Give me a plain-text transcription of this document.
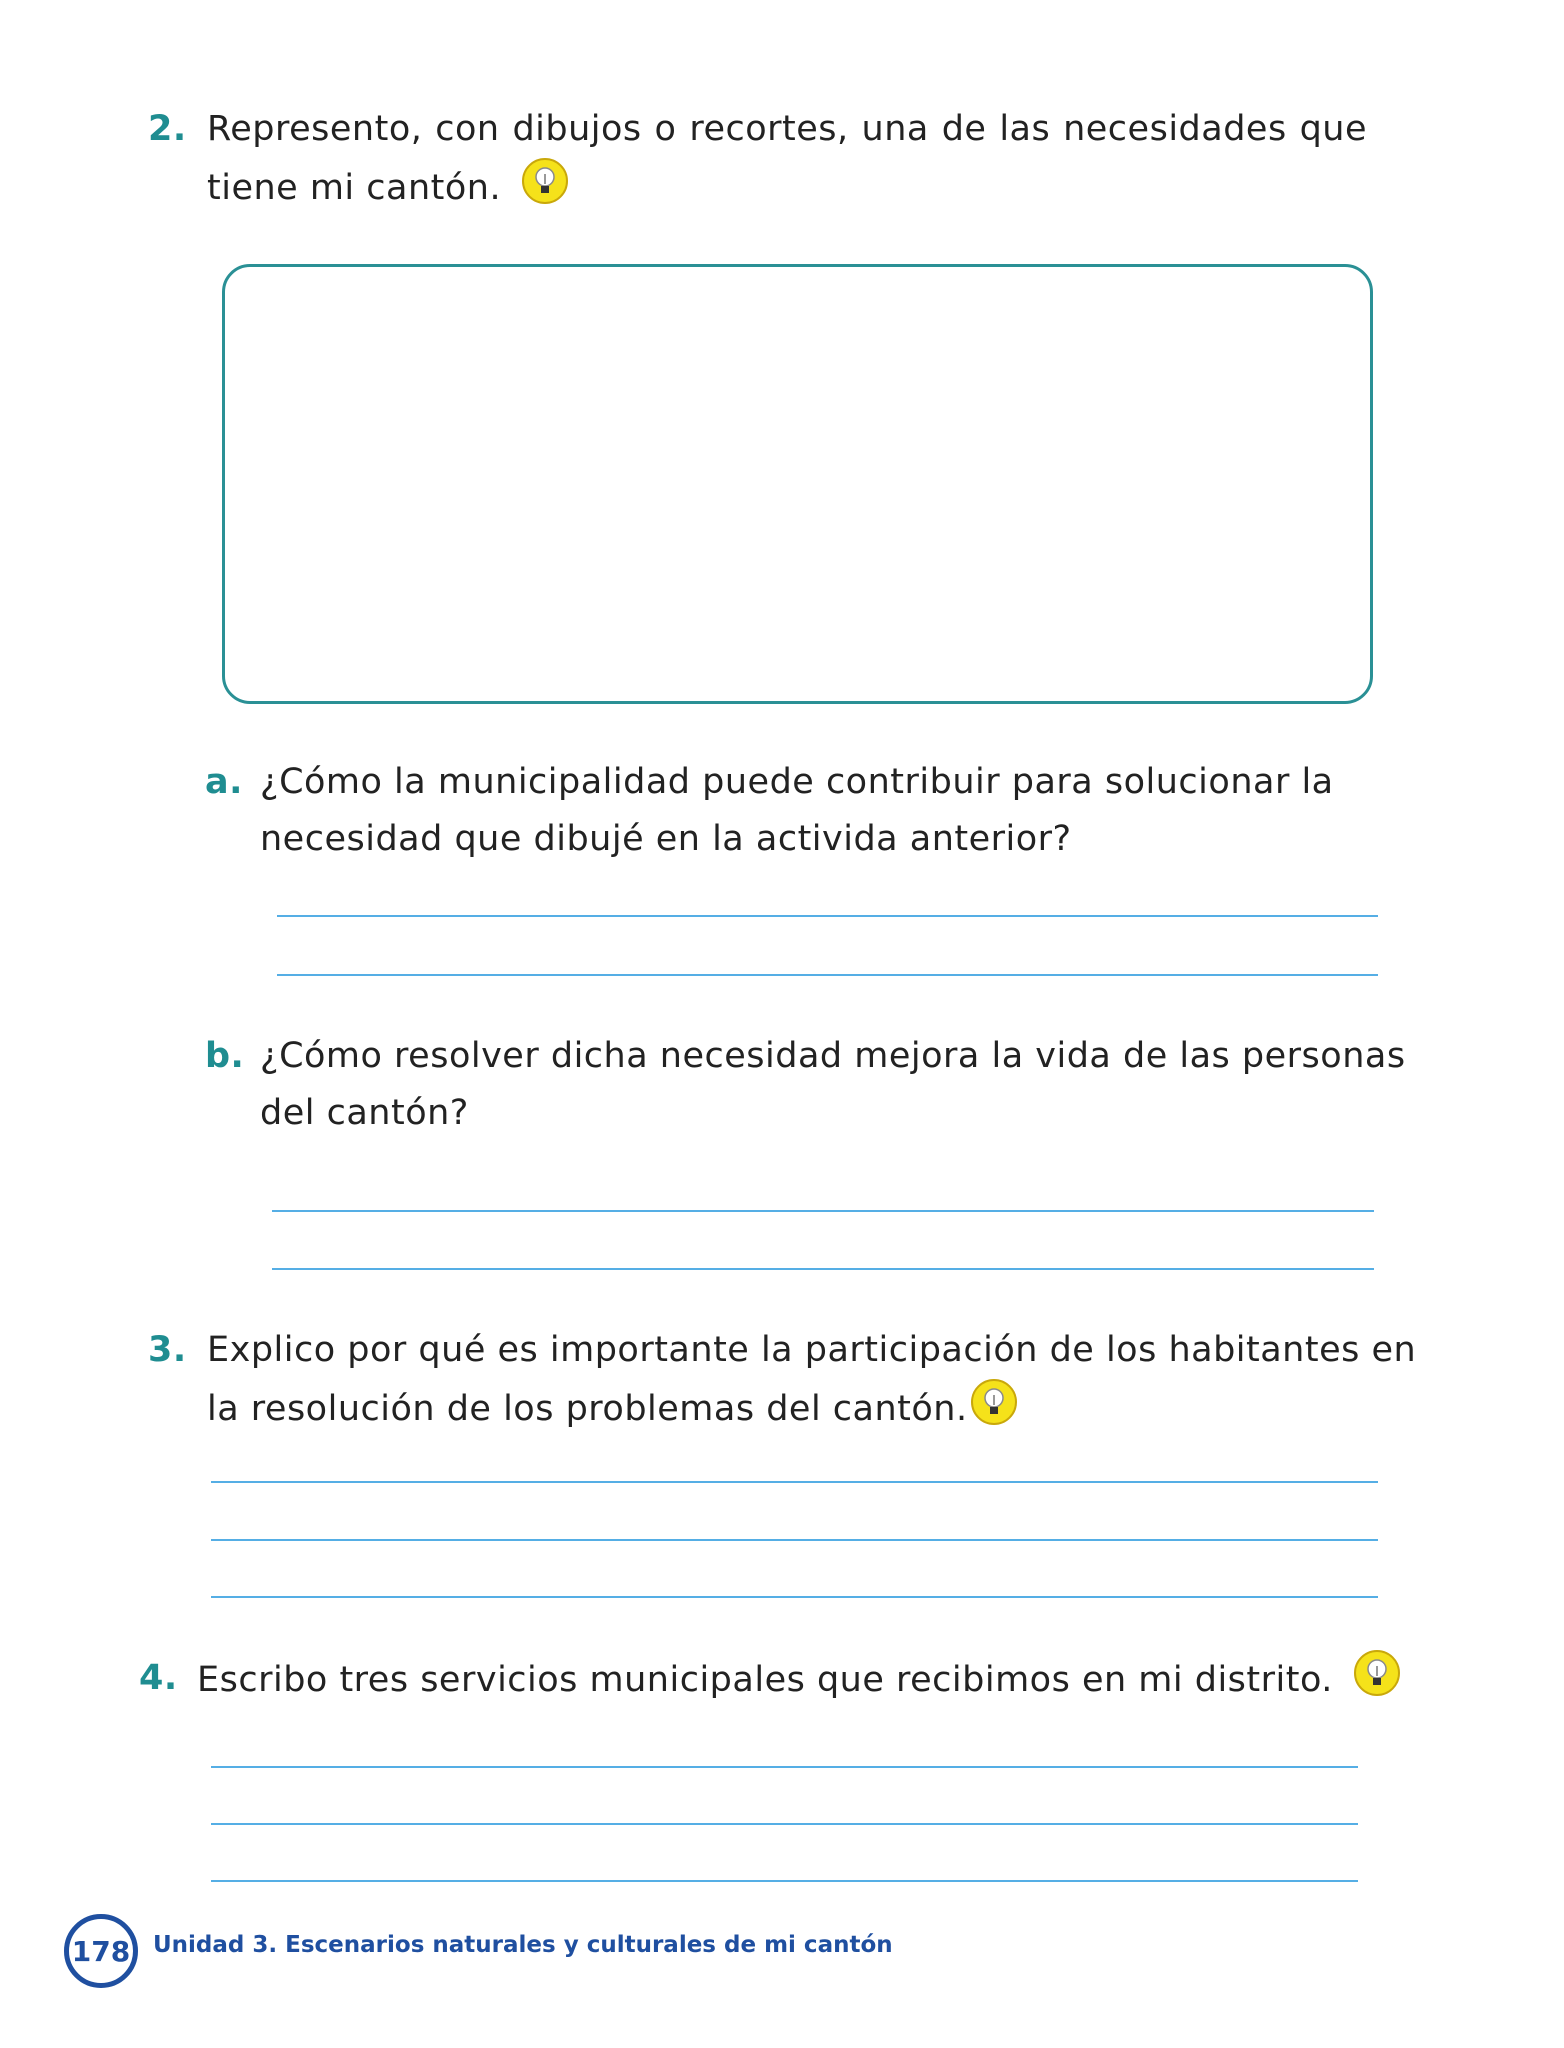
2. Represento, con dibujos o recortes, una de las necesidades que
tiene mi cantón.
a. ¿Cómo la municipalidad puede contribuir para solucionar la
necesidad que dibujé en la activida anterior?
b. ¿Cómo resolver dicha necesidad mejora la vida de las personas
del cantón?
3. Explico por qué es importante la participación de los habitantes en
la resolución de los problemas del cantón.
4. Escribo tres servicios municipales que recibimos en mi distrito.
178 Unidad 3. Escenarios naturales y culturales de mi cantón
